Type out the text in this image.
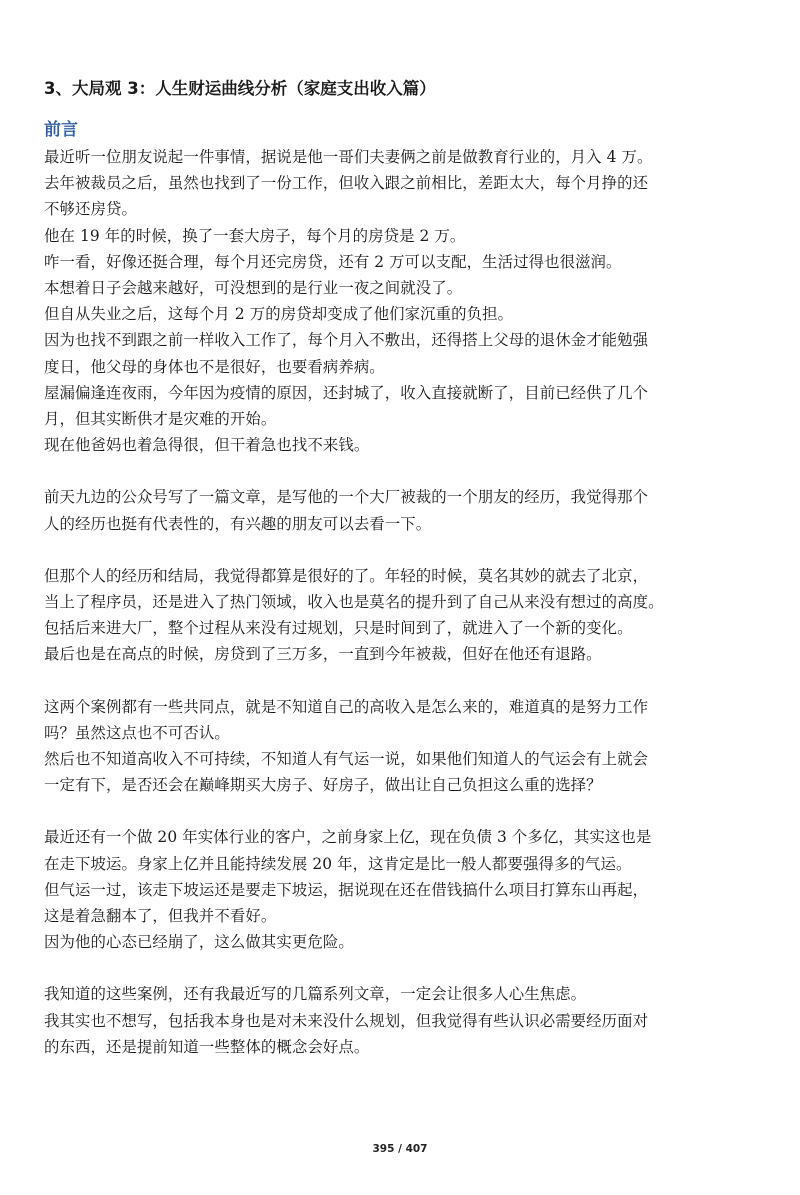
3、大局观 3：人生财运曲线分析（家庭支出收入篇）
前言
最近听一位朋友说起一件事情，据说是他一哥们夫妻俩之前是做教育行业的，月入 4 万。
去年被裁员之后，虽然也找到了一份工作，但收入跟之前相比，差距太大，每个月挣的还
不够还房贷。
他在 19 年的时候，换了一套大房子，每个月的房贷是 2 万。
咋一看，好像还挺合理，每个月还完房贷，还有 2 万可以支配，生活过得也很滋润。
本想着日子会越来越好，可没想到的是行业一夜之间就没了。
但自从失业之后，这每个月 2 万的房贷却变成了他们家沉重的负担。
因为也找不到跟之前一样收入工作了，每个月入不敷出，还得搭上父母的退休金才能勉强
度日，他父母的身体也不是很好，也要看病养病。
屋漏偏逢连夜雨，今年因为疫情的原因，还封城了，收入直接就断了，目前已经供了几个
月，但其实断供才是灾难的开始。
现在他爸妈也着急得很，但干着急也找不来钱。
前天九边的公众号写了一篇文章，是写他的一个大厂被裁的一个朋友的经历，我觉得那个
人的经历也挺有代表性的，有兴趣的朋友可以去看一下。
但那个人的经历和结局，我觉得都算是很好的了。年轻的时候，莫名其妙的就去了北京，
当上了程序员，还是进入了热门领域，收入也是莫名的提升到了自己从来没有想过的高度。
包括后来进大厂，整个过程从来没有过规划，只是时间到了，就进入了一个新的变化。
最后也是在高点的时候，房贷到了三万多，一直到今年被裁，但好在他还有退路。
这两个案例都有一些共同点，就是不知道自己的高收入是怎么来的，难道真的是努力工作
吗？虽然这点也不可否认。
然后也不知道高收入不可持续，不知道人有气运一说，如果他们知道人的气运会有上就会
一定有下，是否还会在巅峰期买大房子、好房子，做出让自己负担这么重的选择？
最近还有一个做 20 年实体行业的客户，之前身家上亿，现在负债 3 个多亿，其实这也是
在走下坡运。身家上亿并且能持续发展 20 年，这肯定是比一般人都要强得多的气运。
但气运一过，该走下坡运还是要走下坡运，据说现在还在借钱搞什么项目打算东山再起，
这是着急翻本了，但我并不看好。
因为他的心态已经崩了，这么做其实更危险。
我知道的这些案例，还有我最近写的几篇系列文章，一定会让很多人心生焦虑。
我其实也不想写，包括我本身也是对未来没什么规划，但我觉得有些认识必需要经历面对
的东西，还是提前知道一些整体的概念会好点。
395 / 407
